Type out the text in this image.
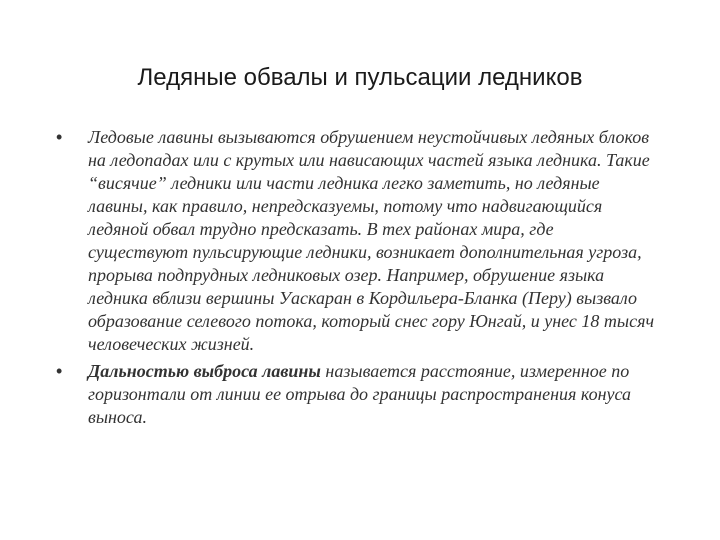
Ледяные обвалы и пульсации ледников
• Ледовые лавины вызываются обрушением неустойчивых ледяных блоков на ледопадах или с крутых или нависающих частей языка ледника. Такие “висячие” ледники или части ледника легко заметить, но ледяные лавины, как правило, непредсказуемы, потому что надвигающийся ледяной обвал трудно предсказать. В тех районах мира, где существуют пульсирующие ледники, возникает дополнительная угроза, прорыва подпрудных ледниковых озер. Например, обрушение языка ледника вблизи вершины Уаскаран в Кордильера-Бланка (Перу) вызвало образование селевого потока, который снес гору Юнгай, и унес 18 тысяч человеческих жизней.
• Дальностью выброса лавины называется расстояние, измеренное по горизонтали от линии ее отрыва до границы распространения конуса выноса.
